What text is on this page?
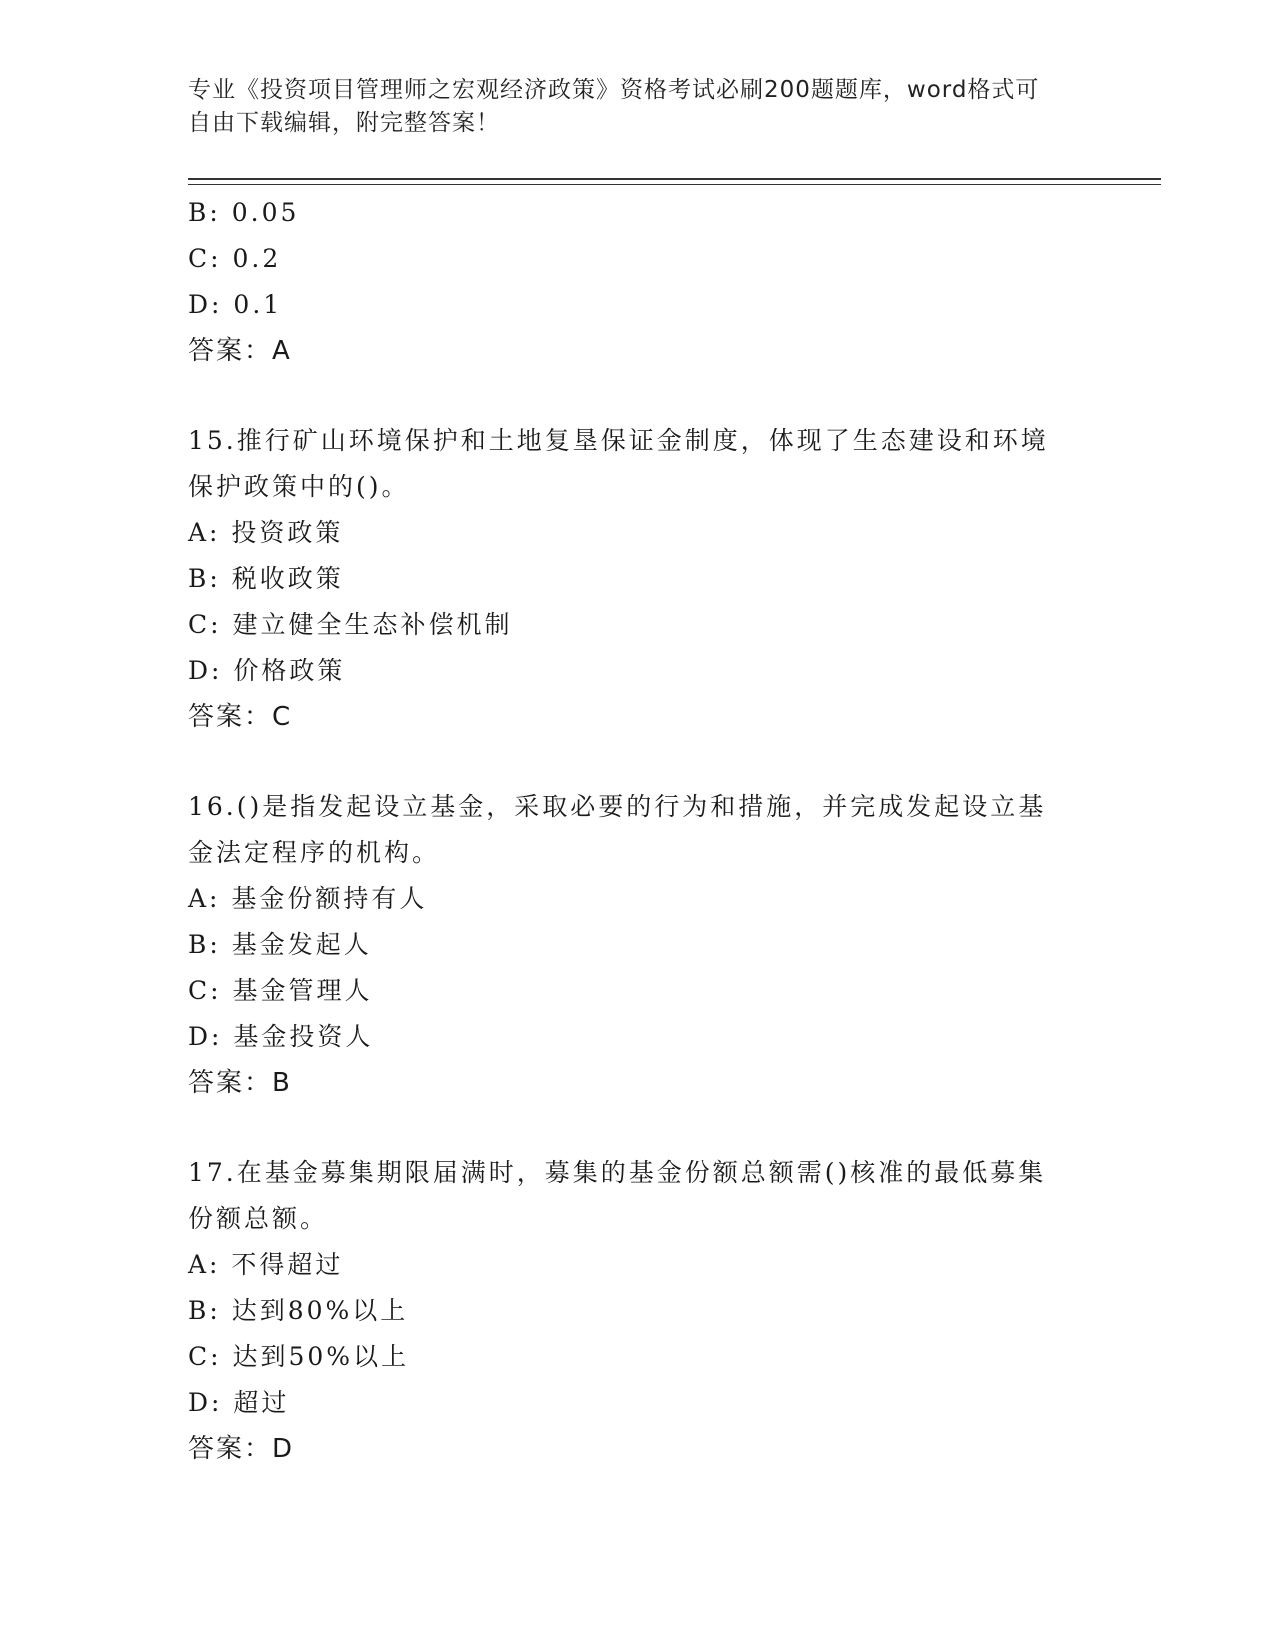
专业《投资项目管理师之宏观经济政策》资格考试必刷200题题库，word格式可
自由下载编辑，附完整答案！
B: 0.05
C: 0.2
D: 0.1
答案：A
15.推行矿山环境保护和土地复垦保证金制度，体现了生态建设和环境
保护政策中的()。
A: 投资政策
B: 税收政策
C: 建立健全生态补偿机制
D: 价格政策
答案：C
16.()是指发起设立基金，采取必要的行为和措施，并完成发起设立基
金法定程序的机构。
A: 基金份额持有人
B: 基金发起人
C: 基金管理人
D: 基金投资人
答案：B
17.在基金募集期限届满时，募集的基金份额总额需()核准的最低募集
份额总额。
A: 不得超过
B: 达到80%以上
C: 达到50%以上
D: 超过
答案：D
